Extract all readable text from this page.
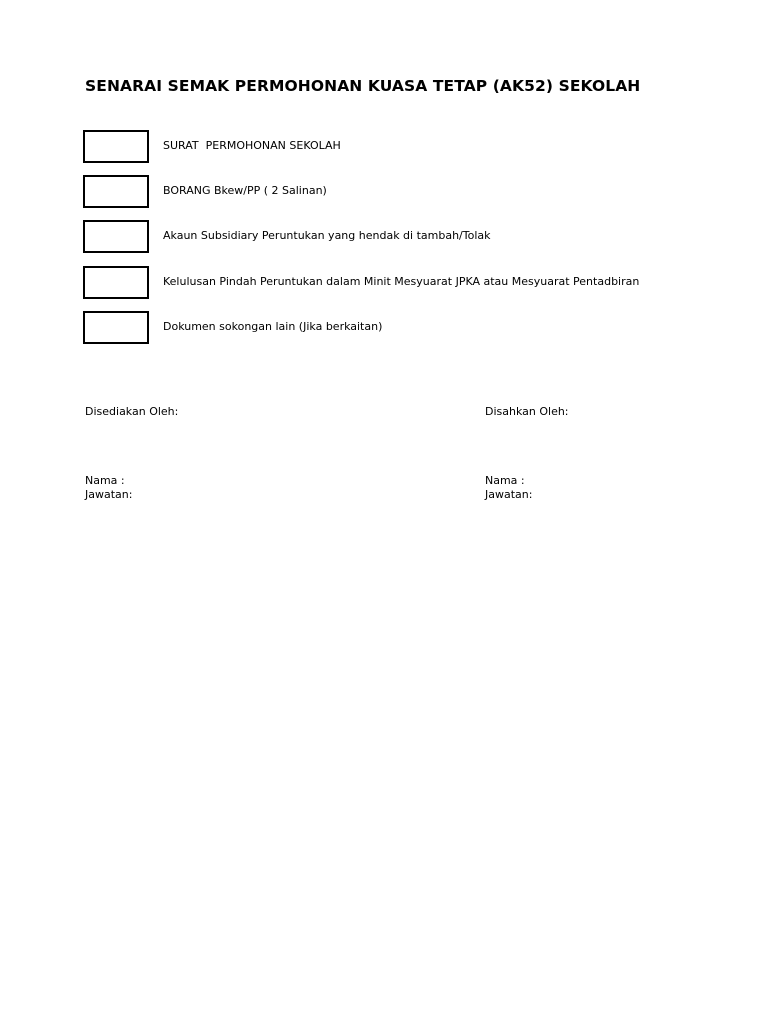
SENARAI SEMAK PERMOHONAN KUASA TETAP (AK52) SEKOLAH
SURAT  PERMOHONAN SEKOLAH
BORANG Bkew/PP ( 2 Salinan)
Akaun Subsidiary Peruntukan yang hendak di tambah/Tolak
Kelulusan Pindah Peruntukan dalam Minit Mesyuarat JPKA atau Mesyuarat Pentadbiran
Dokumen sokongan lain (Jika berkaitan)
Disediakan Oleh:	Disahkan Oleh:
Nama :
Jawatan:
Nama :
Jawatan:
